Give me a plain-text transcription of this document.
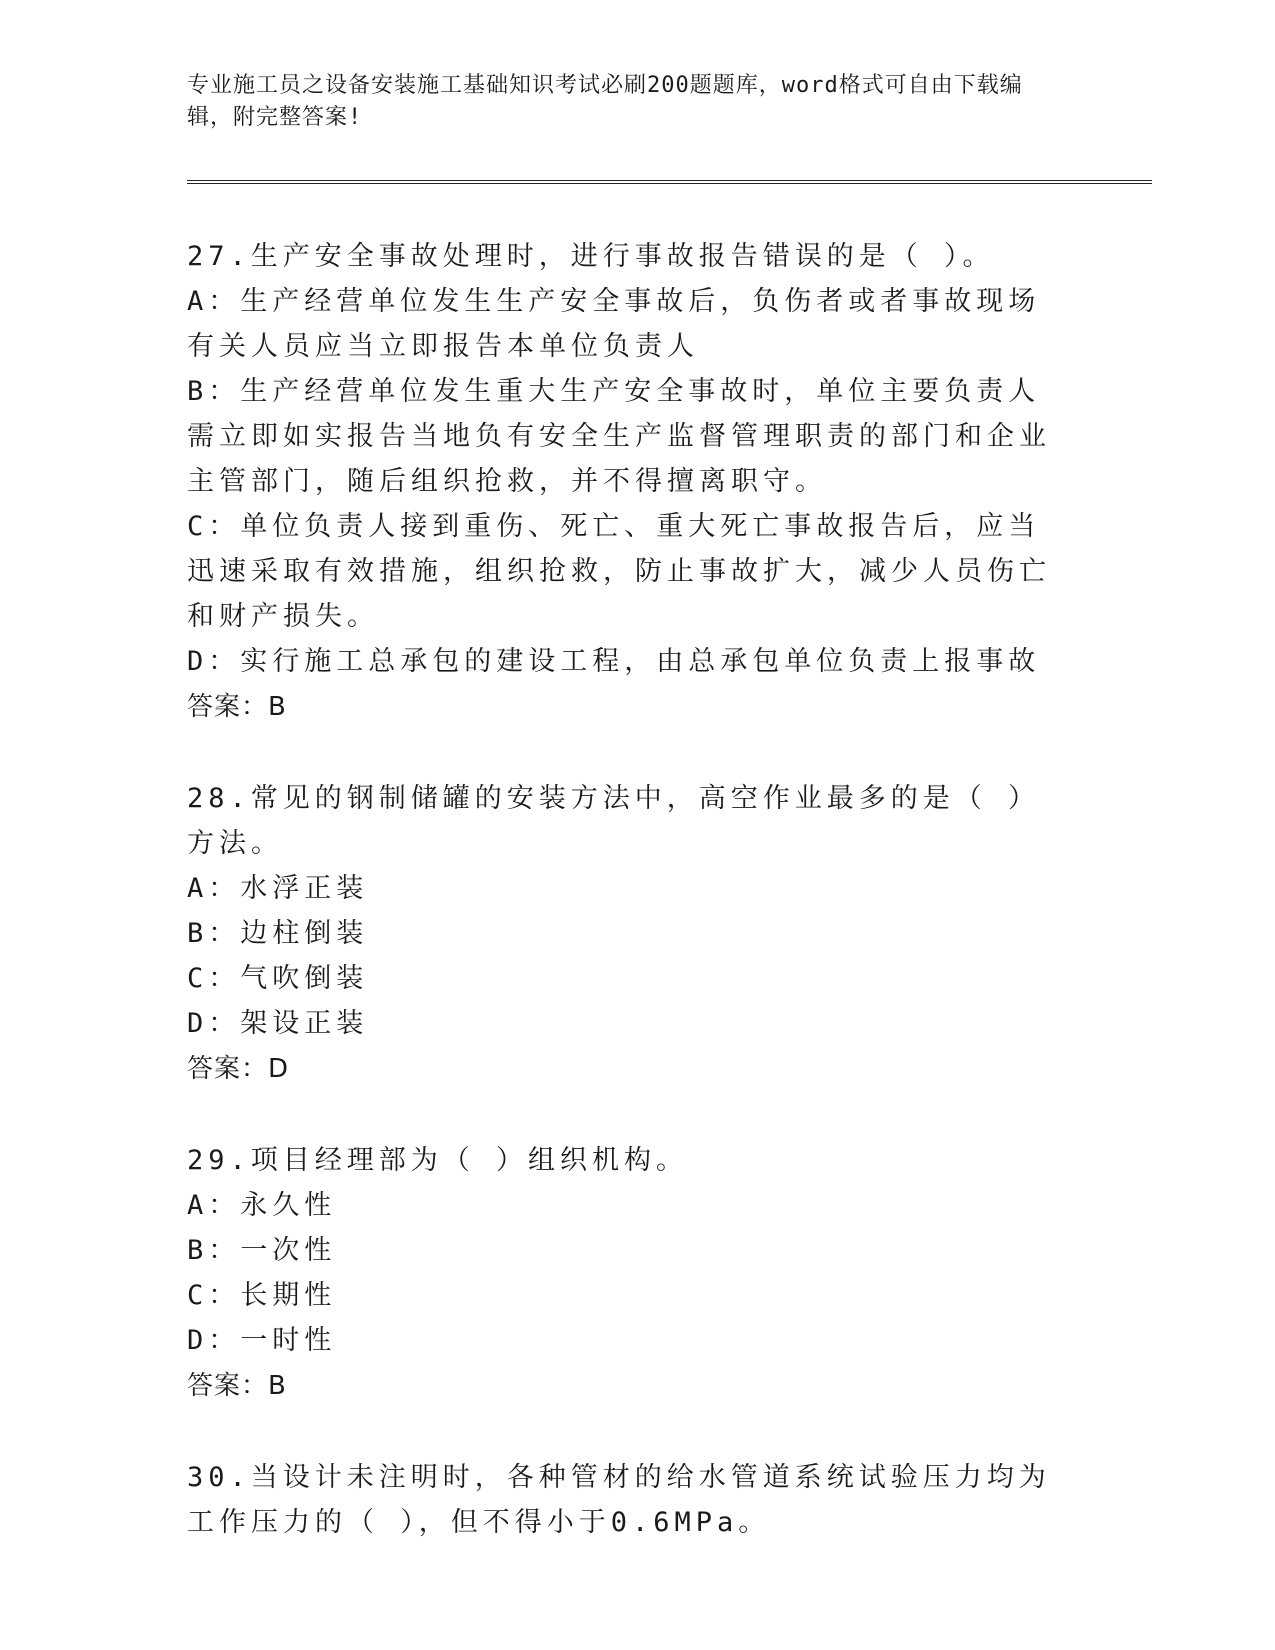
专业施工员之设备安装施工基础知识考试必刷200题题库，word格式可自由下载编辑，附完整答案!

27.生产安全事故处理时，进行事故报告错误的是（ ）。

A：生产经营单位发生生产安全事故后，负伤者或者事故现场有关人员应当立即报告本单位负责人

B：生产经营单位发生重大生产安全事故时，单位主要负责人需立即如实报告当地负有安全生产监督管理职责的部门和企业主管部门，随后组织抢救，并不得擅离职守。

C：单位负责人接到重伤、死亡、重大死亡事故报告后，应当迅速采取有效措施，组织抢救，防止事故扩大，减少人员伤亡和财产损失。

D：实行施工总承包的建设工程，由总承包单位负责上报事故

答案：B

28.常见的钢制储罐的安装方法中，高空作业最多的是（ ）方法。

A：水浮正装

B：边柱倒装

C：气吹倒装

D：架设正装

答案：D

29.项目经理部为（ ）组织机构。

A：永久性

B：一次性

C：长期性

D：一时性

答案：B

30.当设计未注明时，各种管材的给水管道系统试验压力均为工作压力的（ ），但不得小于0.6MPa。
